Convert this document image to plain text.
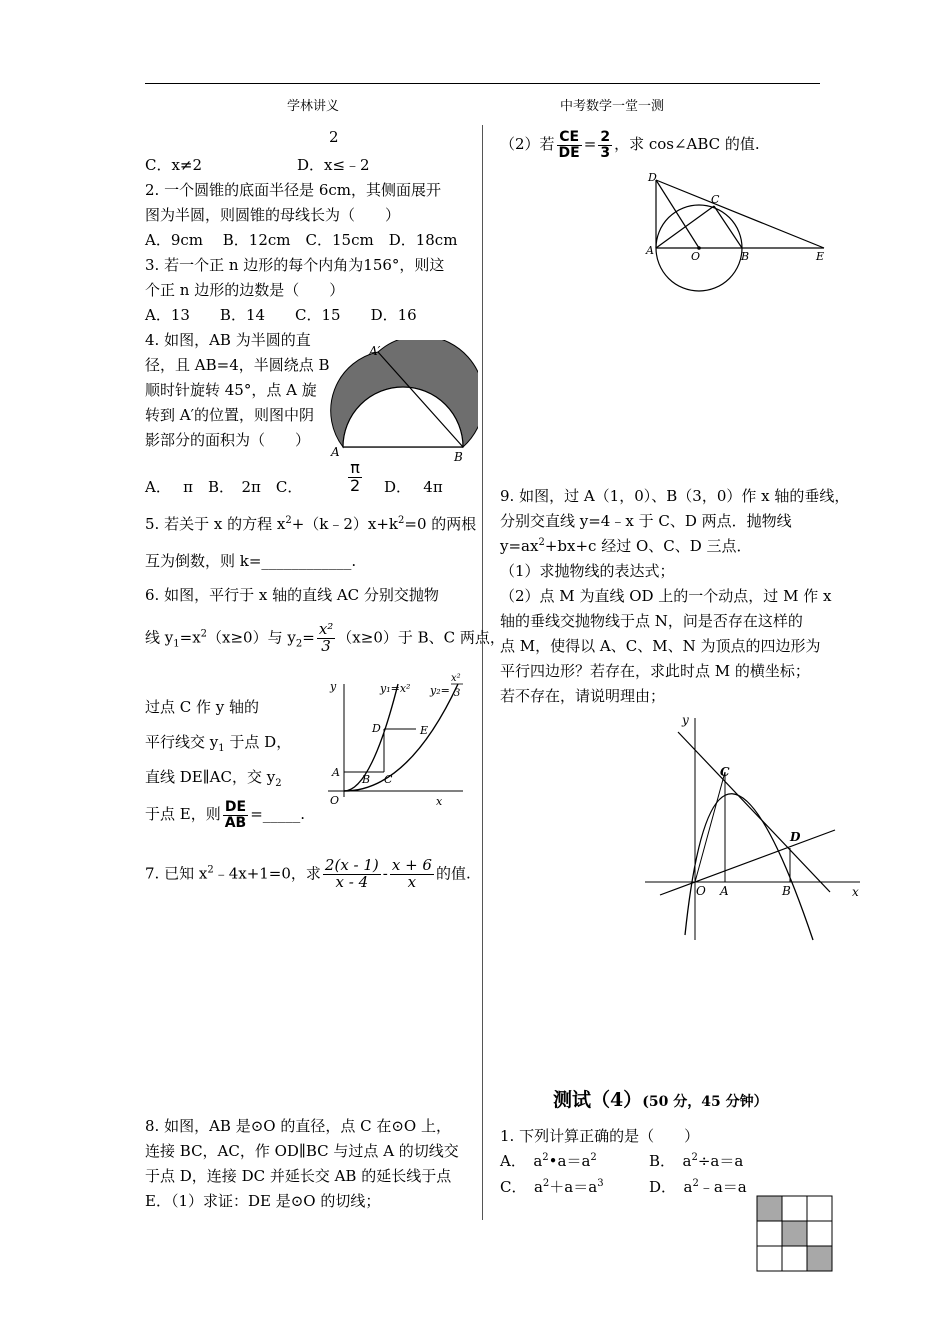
学林讲义	中考数学一堂一测
2
C．x≠2	D．x≤﹣2
2. 一个圆锥的底面半径是 6cm，其侧面展开
图为半圆，则圆锥的母线长为（　　）
A．9cm　 B．12cm　C．15cm　D．18cm
3. 若一个正 n 边形的每个内角为156°，则这
个正 n 边形的边数是（　　）
A．13　　B．14　　C．15　　D．16
4. 如图，AB 为半圆的直
径，且 AB=4，半圆绕点 B
顺时针旋转 45°，点 A 旋
转到 A′的位置，则图中阴
影部分的面积为（　　）
A′
A	B
A．　 π　B．　2π　C．	$\frac{\pi}{2}$ D．　 4π
5. 若关于 x 的方程 $x^2+(k﹣2)x+k^2=0$ 的两根
互为倒数，则 k=____________.
6. 如图，平行于 x 轴的直线 AC 分别交抛物
线 $y_1=x^2(x\ge 0)$与 $y_2= \frac{\text{x²}}{3} (x\ge 0)$于 B、C 两点，
过点 C 作 y 轴的
平行线交 $y_1$ 于点 D，
直线 DE∥AC，交 $y_2$
于点 E，则 $\frac{DE}{AB}$ =_____.
y	y₁=x² y₂=
x²
3
D	E
A
B C
O	x
7. 已知 $x^2﹣4x+1=0$，求 $\frac{2(x - 1)}{x - 4} - \frac{x + 6}{x}$ 的值.
8. 如图，AB 是⊙O 的直径，点 C 在⊙O 上，
连接 BC，AC，作 OD∥BC 与过点 A 的切线交
于点 D，连接 DC 并延长交 AB 的延长线于点
E．（1）求证：DE 是⊙O 的切线；
（2）若 $\frac{CE}{DE} = \frac{2}{3}$ ，求 cos∠ABC 的值.
D
C
A	O	B	E
9. 如图，过 A（1，0）、B（3，0）作 x 轴的垂线，
分别交直线 y=4﹣x 于 C、D 两点．抛物线
$y=ax^2+bx+c$ 经过 O、C、D 三点．
（1）求抛物线的表达式；
（2）点 M 为直线 OD 上的一个动点，过 M 作 x
轴的垂线交抛物线于点 N，问是否存在这样的
点 M，使得以 A、C、M、N 为顶点的四边形为
平行四边形？若存在，求此时点 M 的横坐标；
若不存在，请说明理由；
y
C
D
O A	B	x
测试（4）(50 分，45 分钟）
1. 下列计算正确的是（　　）
A．　$a^2•a=a^2$	B．　$a^2\div a=a$
C．　$a^2+a=a^3$	D．　$a^2﹣a=a$
